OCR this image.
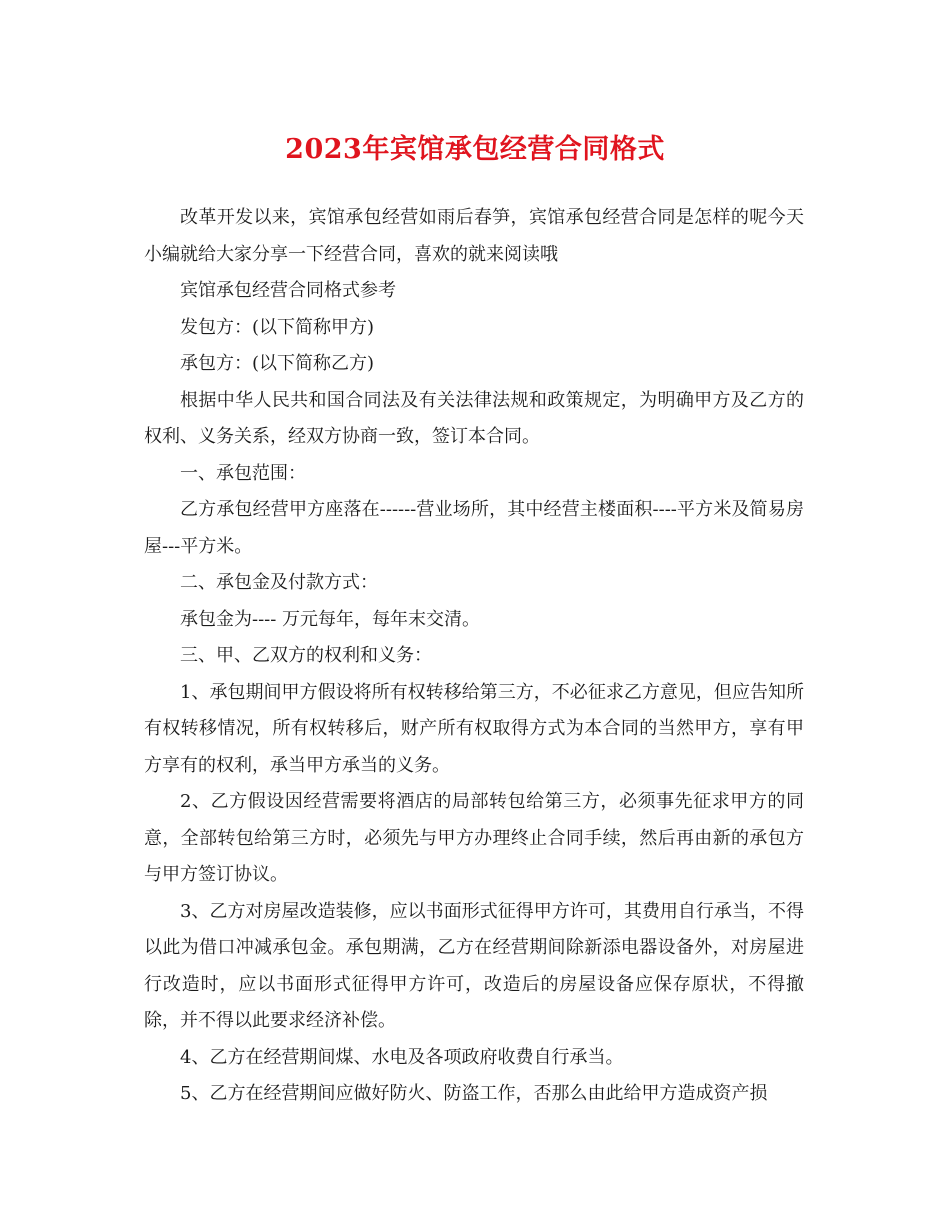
2023年宾馆承包经营合同格式

改革开发以来，宾馆承包经营如雨后春笋，宾馆承包经营合同是怎样的呢今天小编就给大家分享一下经营合同，喜欢的就来阅读哦

宾馆承包经营合同格式参考

发包方：(以下简称甲方)

承包方：(以下简称乙方)

根据中华人民共和国合同法及有关法律法规和政策规定，为明确甲方及乙方的权利、义务关系，经双方协商一致，签订本合同。

一、承包范围：

乙方承包经营甲方座落在------营业场所，其中经营主楼面积----平方米及简易房屋---平方米。

二、承包金及付款方式：

承包金为---- 万元每年，每年末交清。

三、甲、乙双方的权利和义务：

1、承包期间甲方假设将所有权转移给第三方，不必征求乙方意见，但应告知所有权转移情况，所有权转移后，财产所有权取得方式为本合同的当然甲方，享有甲方享有的权利，承当甲方承当的义务。

2、乙方假设因经营需要将酒店的局部转包给第三方，必须事先征求甲方的同意，全部转包给第三方时，必须先与甲方办理终止合同手续，然后再由新的承包方与甲方签订协议。

3、乙方对房屋改造装修，应以书面形式征得甲方许可，其费用自行承当，不得以此为借口冲减承包金。承包期满，乙方在经营期间除新添电器设备外，对房屋进行改造时，应以书面形式征得甲方许可，改造后的房屋设备应保存原状，不得撤除，并不得以此要求经济补偿。

4、乙方在经营期间煤、水电及各项政府收费自行承当。

5、乙方在经营期间应做好防火、防盗工作，否那么由此给甲方造成资产损
